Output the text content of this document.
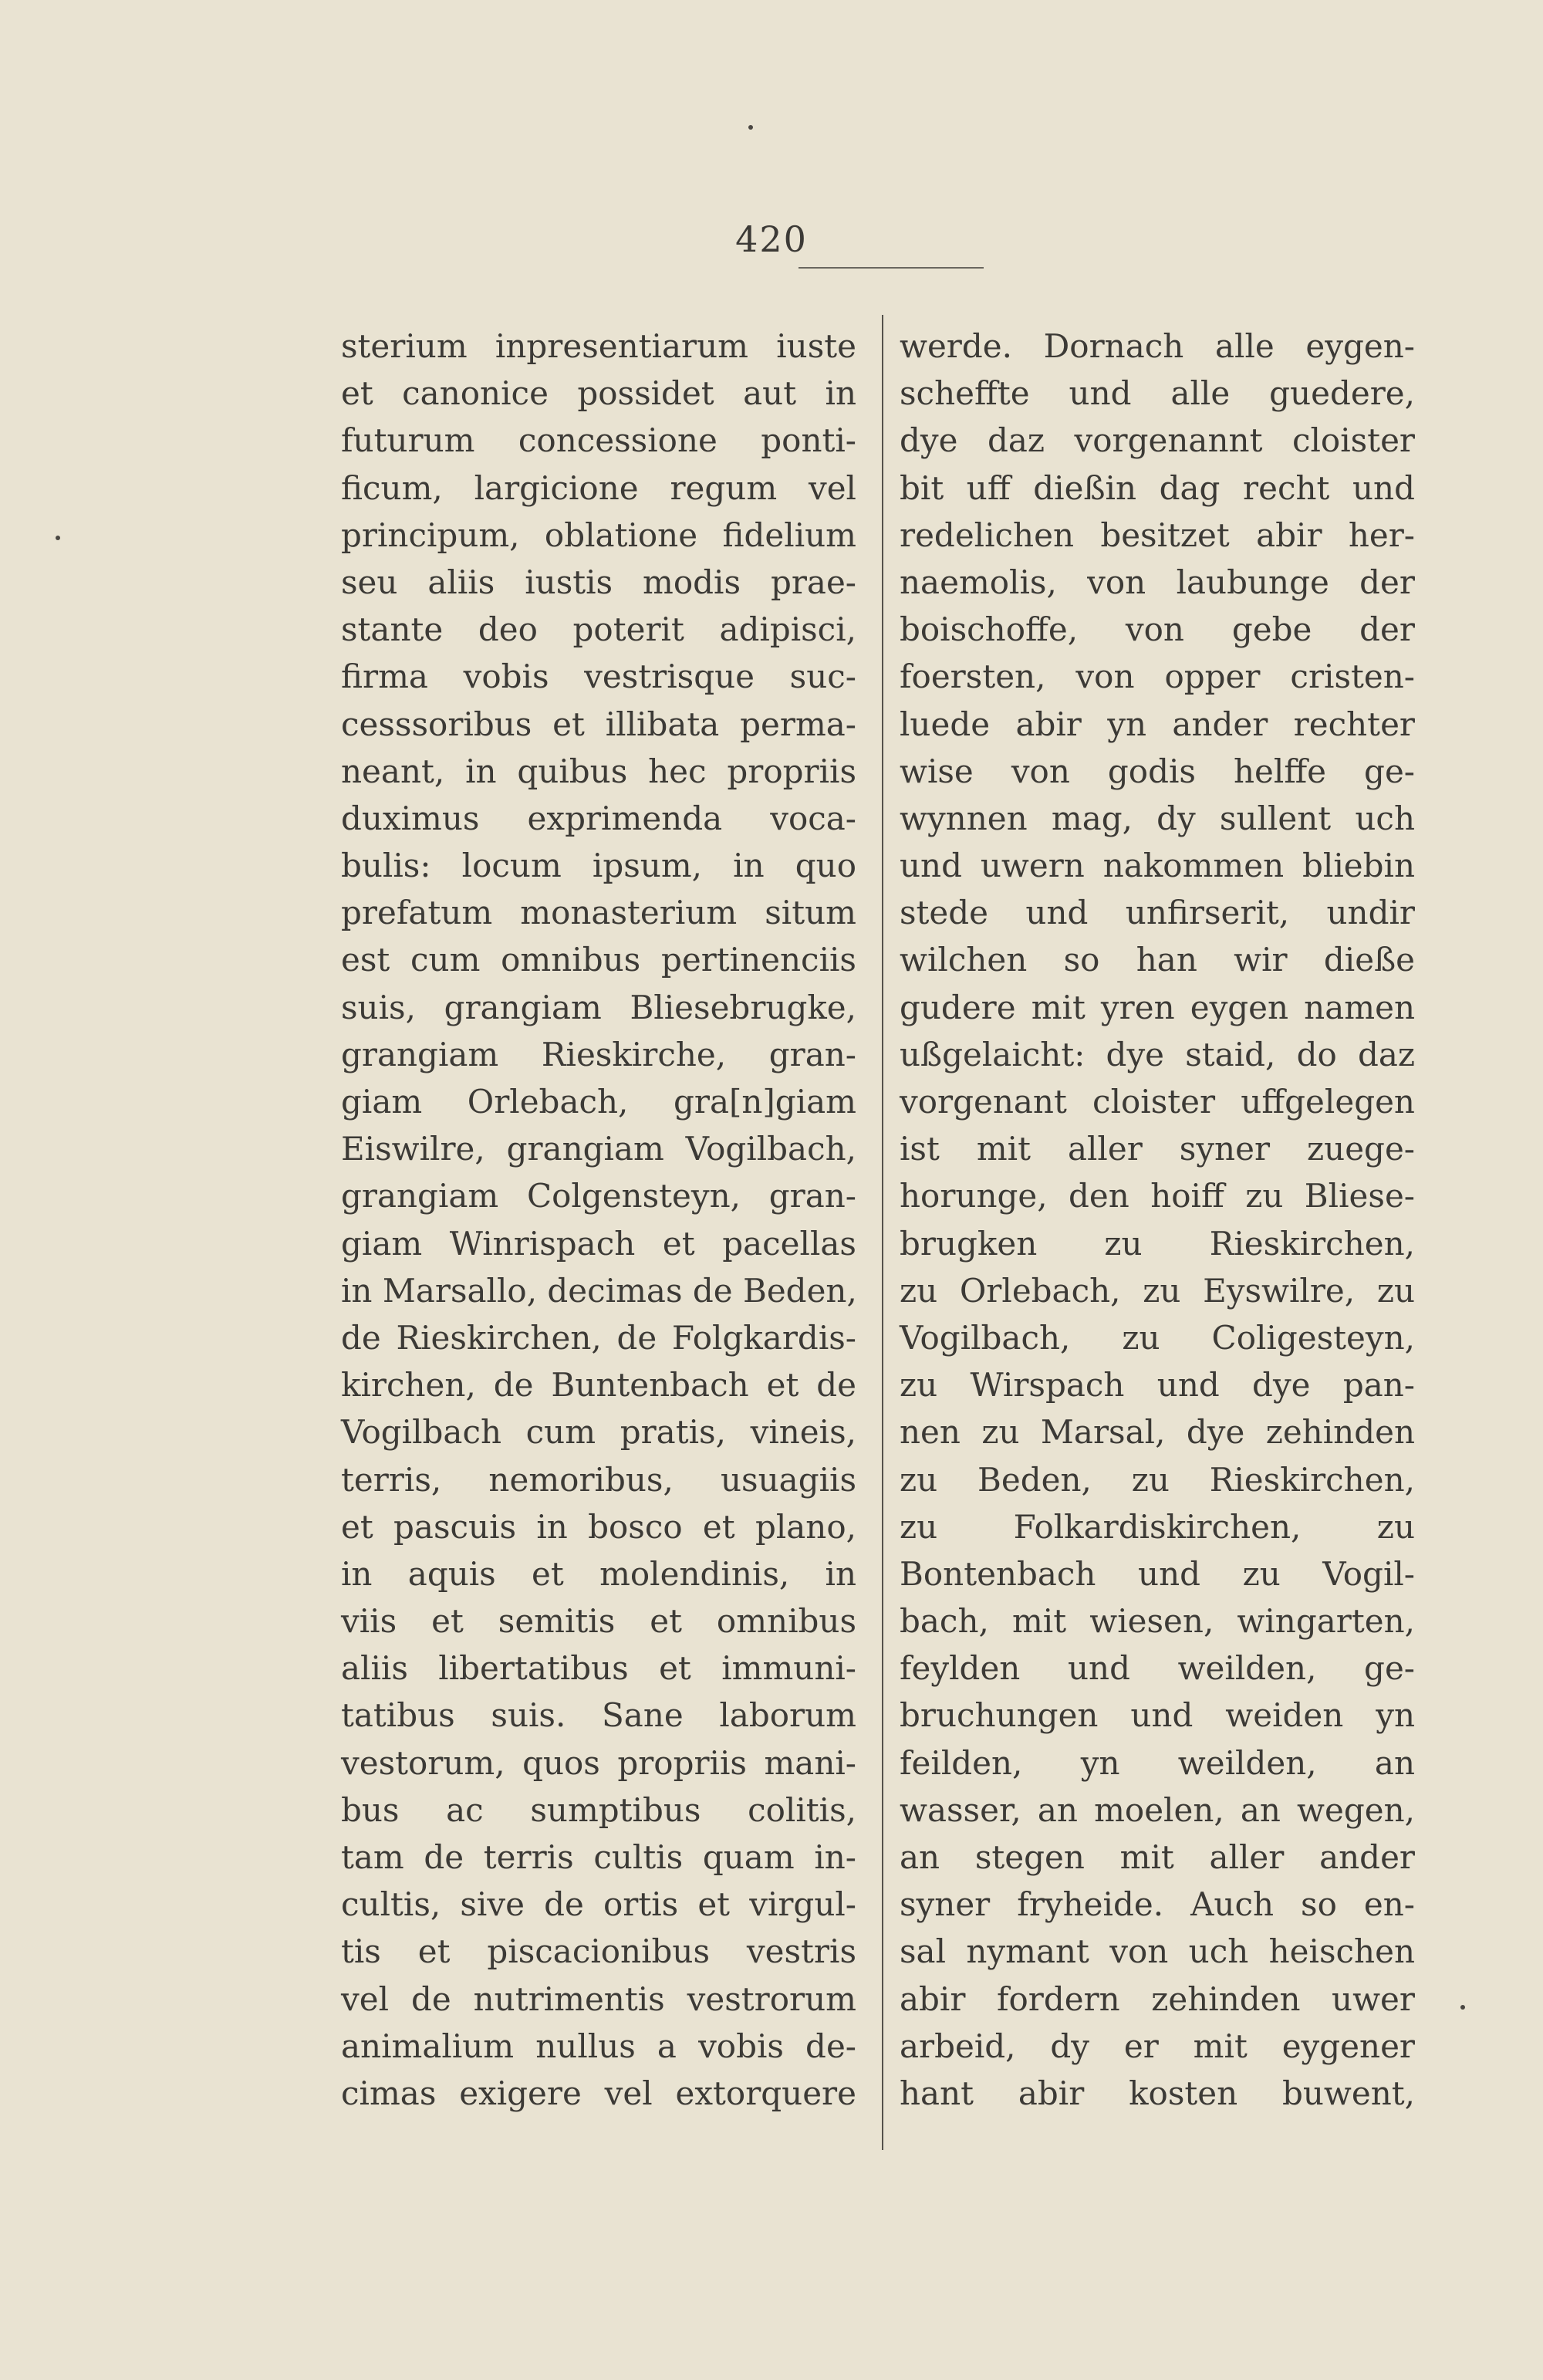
420
sterium inpresentiarum iuste
et canonice possidet aut in
futurum concessione ponti-
ficum, largicione regum vel
principum, oblatione fidelium
seu aliis iustis modis prae-
stante deo poterit adipisci,
firma vobis vestrisque suc-
cesssoribus et illibata perma-
neant, in quibus hec propriis
duximus exprimenda voca-
bulis: locum ipsum, in quo
prefatum monasterium situm
est cum omnibus pertinenciis
suis, grangiam Bliesebrugke,
grangiam Rieskirche, gran-
giam Orlebach, gra[n]giam
Eiswilre, grangiam Vogilbach,
grangiam Colgensteyn, gran-
giam Winrispach et pacellas
in Marsallo, decimas de Beden,
de Rieskirchen, de Folgkardis-
kirchen, de Buntenbach et de
Vogilbach cum pratis, vineis,
terris, nemoribus, usuagiis
et pascuis in bosco et plano,
in aquis et molendinis, in
viis et semitis et omnibus
aliis libertatibus et immuni-
tatibus suis. Sane laborum
vestorum, quos propriis mani-
bus ac sumptibus colitis,
tam de terris cultis quam in-
cultis, sive de ortis et virgul-
tis et piscacionibus vestris
vel de nutrimentis vestrorum
animalium nullus a vobis de-
cimas exigere vel extorquere
werde. Dornach alle eygen-
scheffte und alle guedere,
dye daz vorgenannt cloister
bit uff dießin dag recht und
redelichen besitzet abir her-
naemolis, von laubunge der
boischoffe, von gebe der
foersten, von opper cristen-
luede abir yn ander rechter
wise von godis helffe ge-
wynnen mag, dy sullent uch
und uwern nakommen bliebin
stede und unfirserit, undir
wilchen so han wir dieße
gudere mit yren eygen namen
ußgelaicht: dye staid, do daz
vorgenant cloister uffgelegen
ist mit aller syner zuege-
horunge, den hoiff zu Bliese-
brugken zu Rieskirchen,
zu Orlebach, zu Eyswilre, zu
Vogilbach, zu Coligesteyn,
zu Wirspach und dye pan-
nen zu Marsal, dye zehinden
zu Beden, zu Rieskirchen,
zu Folkardiskirchen, zu
Bontenbach und zu Vogil-
bach, mit wiesen, wingarten,
feylden und weilden, ge-
bruchungen und weiden yn
feilden, yn weilden, an
wasser, an moelen, an wegen,
an stegen mit aller ander
syner fryheide. Auch so en-
sal nymant von uch heischen
abir fordern zehinden uwer
arbeid, dy er mit eygener
hant abir kosten buwent,
